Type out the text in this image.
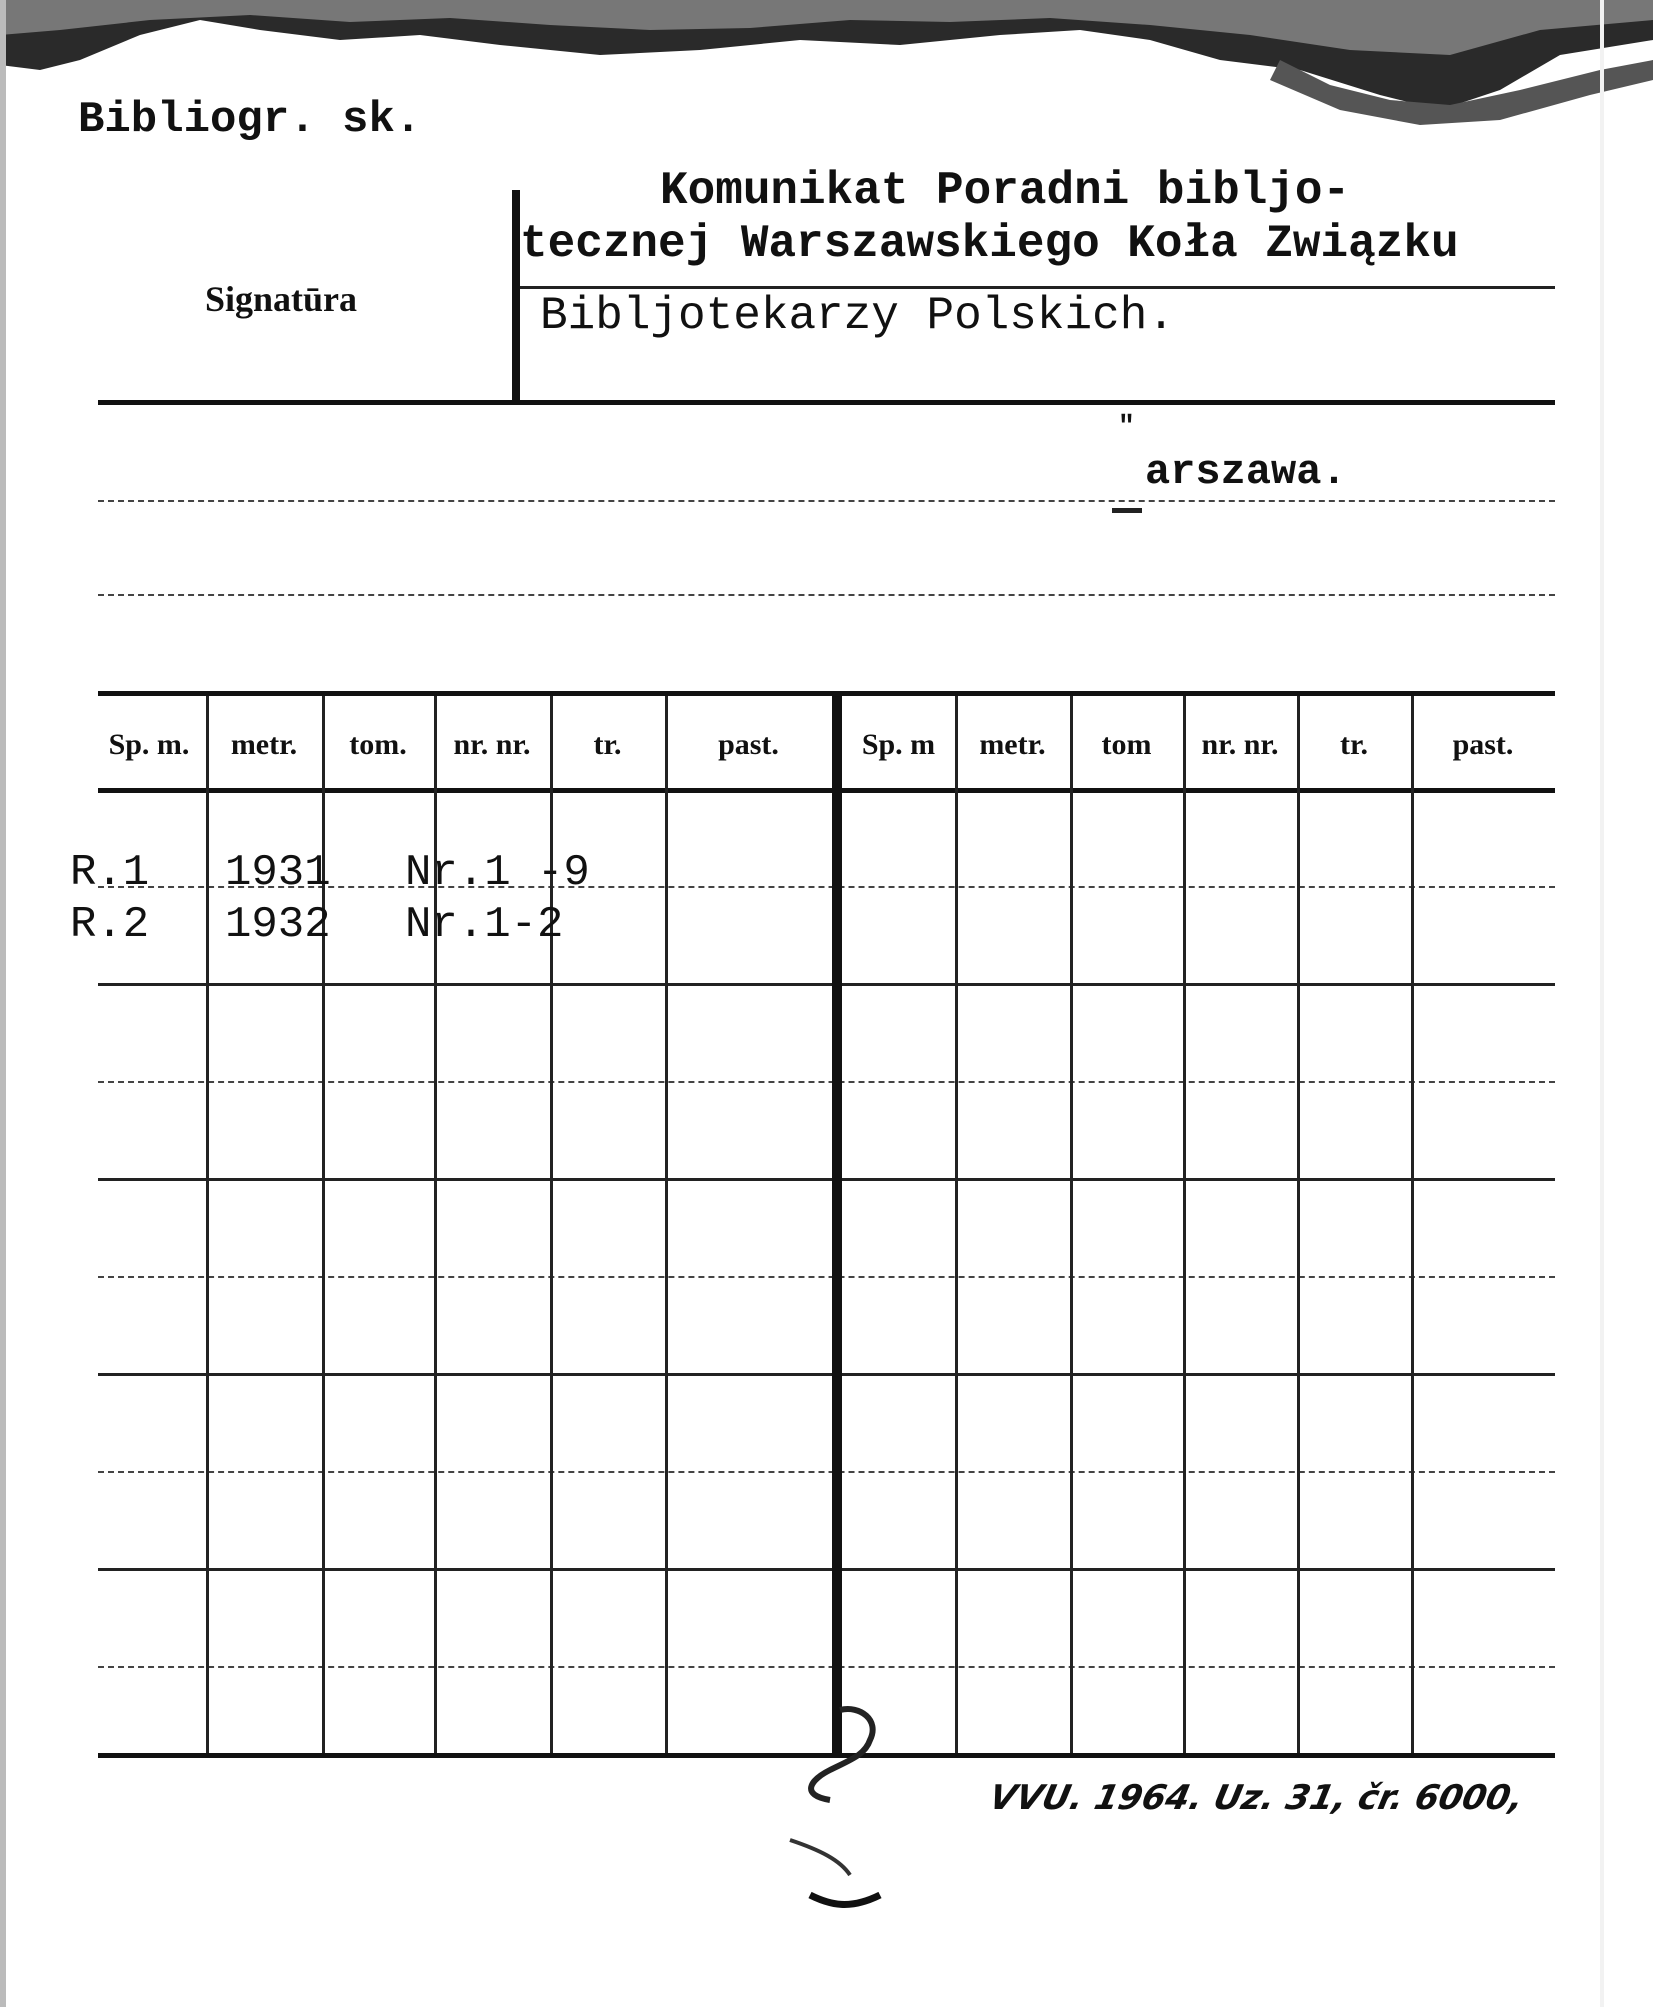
Bibliogr. sk.
Signatūra
Komunikat Poradni biblјo-
tecznej Warszawskiego Koła Związku
Bibljotekarzy Polskich.
"
arszawa.
Sp. m.	metr.	tom.	nr. nr.	tr.	past.	Sp. m	metr.	tom	nr. nr.	tr.	past.
R.1 1931 Nr.1 -9
R.2 1932 Nr.1-2
VVU. 1964. Uz. 31, čr. 6000,
